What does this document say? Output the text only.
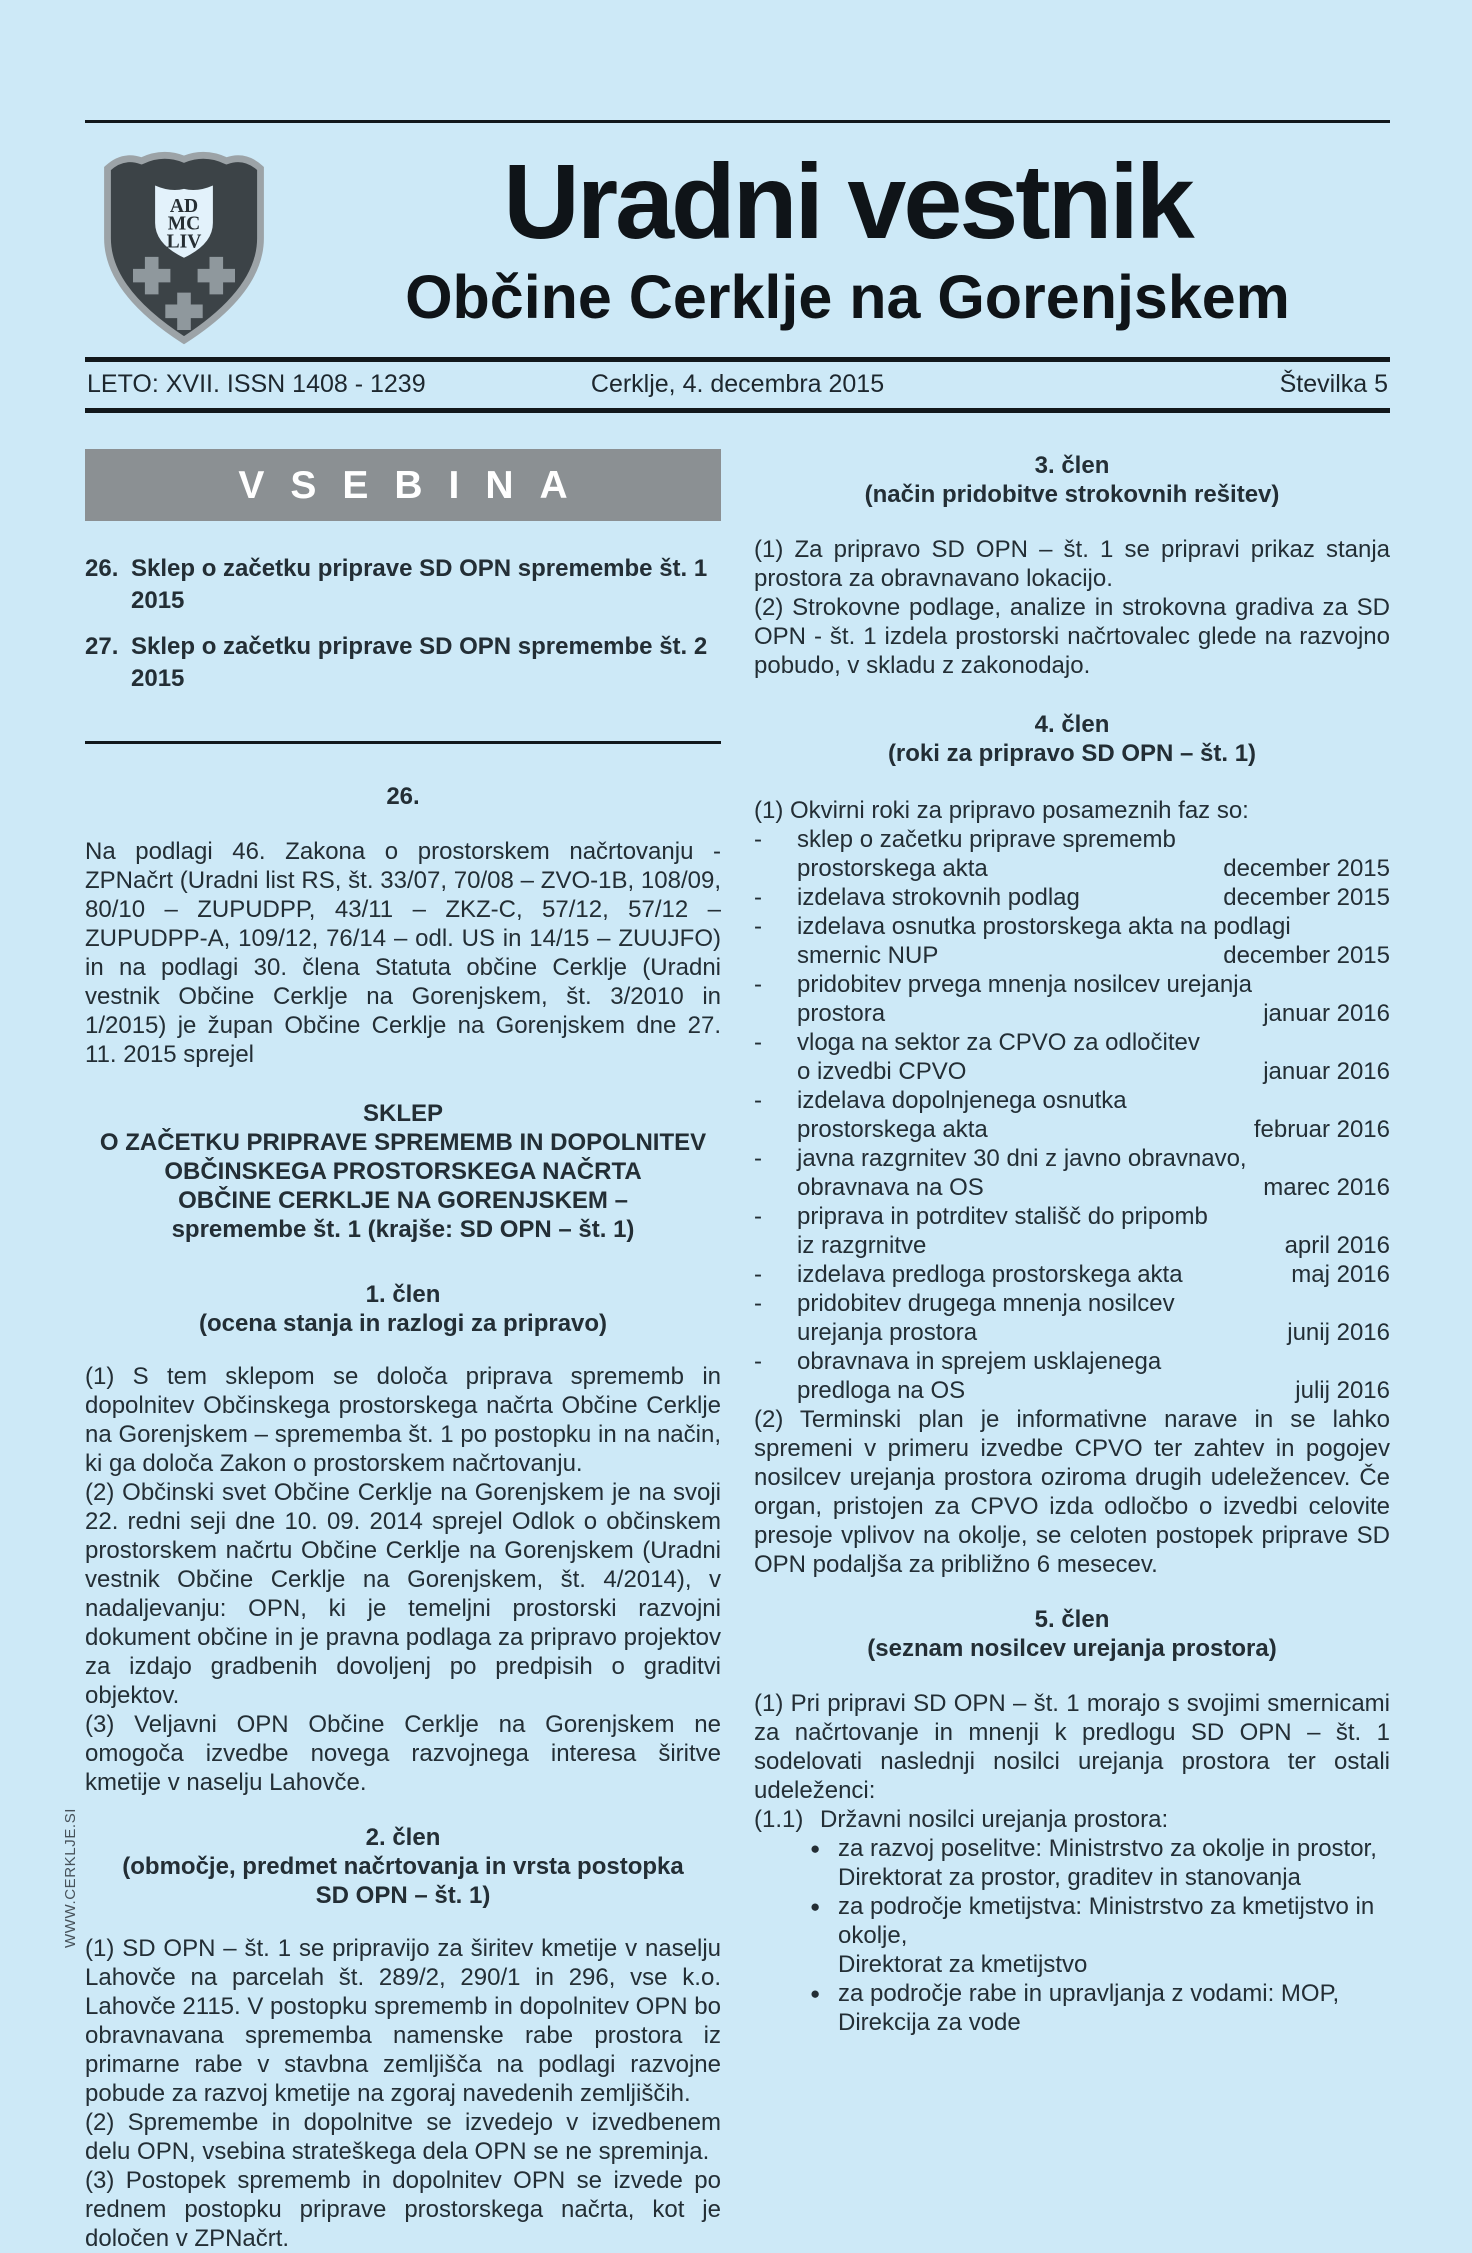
AD
MC
LIV	Uradni vestnik
Občine Cerklje na Gorenjskem
LETO: XVII. ISSN 1408 - 1239	Cerklje, 4. decembra 2015	Številka 5
VSEBINA
26. Sklep o začetku priprave SD OPN spremembe št. 1 2015
27. Sklep o začetku priprave SD OPN spremembe št. 2 2015
26.

Na podlagi 46. Zakona o prostorskem načrtovanju - ZPNačrt (Uradni list RS, št. 33/07, 70/08 – ZVO-1B, 108/09, 80/10 – ZUPUDPP, 43/11 – ZKZ-C, 57/12, 57/12 – ZUPUDPP-A, 109/12, 76/14 – odl. US in 14/15 – ZUUJFO) in na podlagi 30. člena Statuta občine Cerklje (Uradni vestnik Občine Cerklje na Gorenjskem, št. 3/2010 in 1/2015) je župan Občine Cerklje na Gorenjskem dne 27. 11. 2015 sprejel

SKLEP
O ZAČETKU PRIPRAVE SPREMEMB IN DOPOLNITEV
OBČINSKEGA PROSTORSKEGA NAČRTA
OBČINE CERKLJE NA GORENJSKEM –
spremembe št. 1 (krajše: SD OPN – št. 1)
1. člen
(ocena stanja in razlogi za pripravo)

(1) S tem sklepom se določa priprava sprememb in dopolnitev Občinskega prostorskega načrta Občine Cerklje na Gorenjskem – sprememba št. 1 po postopku in na način, ki ga določa Zakon o prostorskem načrtovanju.

(2) Občinski svet Občine Cerklje na Gorenjskem je na svoji 22. redni seji dne 10. 09. 2014 sprejel Odlok o občinskem prostorskem načrtu Občine Cerklje na Gorenjskem (Uradni vestnik Občine Cerklje na Gorenjskem, št. 4/2014), v nadaljevanju: OPN, ki je temeljni prostorski razvojni dokument občine in je pravna podlaga za pripravo projektov za izdajo gradbenih dovoljenj po predpisih o graditvi objektov.

(3) Veljavni OPN Občine Cerklje na Gorenjskem ne omogoča izvedbe novega razvojnega interesa širitve kmetije v naselju Lahovče.

2. člen
(območje, predmet načrtovanja in vrsta postopka
SD OPN – št. 1)

(1) SD OPN – št. 1 se pripravijo za širitev kmetije v naselju Lahovče na parcelah št. 289/2, 290/1 in 296, vse k.o. Lahovče 2115. V postopku sprememb in dopolnitev OPN bo obravnavana sprememba namenske rabe prostora iz primarne rabe v stavbna zemljišča na podlagi razvojne pobude za razvoj kmetije na zgoraj navedenih zemljiščih.

(2) Spremembe in dopolnitve se izvedejo v izvedbenem delu OPN, vsebina strateškega dela OPN se ne spreminja.

(3) Postopek sprememb in dopolnitev OPN se izvede po rednem postopku priprave prostorskega načrta, kot je določen v ZPNačrt.

3. člen
(način pridobitve strokovnih rešitev)

(1) Za pripravo SD OPN – št. 1 se pripravi prikaz stanja prostora za obravnavano lokacijo.

(2) Strokovne podlage, analize in strokovna gradiva za SD OPN - št. 1 izdela prostorski načrtovalec glede na razvojno pobudo, v skladu z zakonodajo.

4. člen
(roki za pripravo SD OPN – št. 1)
(1) Okvirni roki za pripravo posameznih faz so:
-	sklep o začetku priprave sprememb
prostorskega akta	december 2015
-	izdelava strokovnih podlag	december 2015
-	izdelava osnutka prostorskega akta na podlagi
smernic NUP	december 2015
-	pridobitev prvega mnenja nosilcev urejanja
prostora	januar 2016
-	vloga na sektor za CPVO za odločitev
o izvedbi CPVO	januar 2016
-	izdelava dopolnjenega osnutka
prostorskega akta	februar 2016
-	javna razgrnitev 30 dni z javno obravnavo,
obravnava na OS	marec 2016
-	priprava in potrditev stališč do pripomb
iz razgrnitve	april 2016
-	izdelava predloga prostorskega akta	maj 2016
-	pridobitev drugega mnenja nosilcev
urejanja prostora	junij 2016
-	obravnava in sprejem usklajenega
predloga na OS	julij 2016

(2) Terminski plan je informativne narave in se lahko spremeni v primeru izvedbe CPVO ter zahtev in pogojev nosilcev urejanja prostora oziroma drugih udeležencev. Če organ, pristojen za CPVO izda odločbo o izvedbi celovite presoje vplivov na okolje, se celoten postopek priprave SD OPN podaljša za približno 6 mesecev.

5. člen
(seznam nosilcev urejanja prostora)

(1) Pri pripravi SD OPN – št. 1 morajo s svojimi smernicami za načrtovanje in mnenji k predlogu SD OPN – št. 1 sodelovati naslednji nosilci urejanja prostora ter ostali udeleženci:

(1.1) Državni nosilci urejanja prostora:
● za razvoj poselitve: Ministrstvo za okolje in prostor,
Direktorat za prostor, graditev in stanovanja
● za področje kmetijstva: Ministrstvo za kmetijstvo in okolje,
Direktorat za kmetijstvo
● za področje rabe in upravljanja z vodami: MOP,
Direkcija za vode
WWW.CERKLJE.SI
